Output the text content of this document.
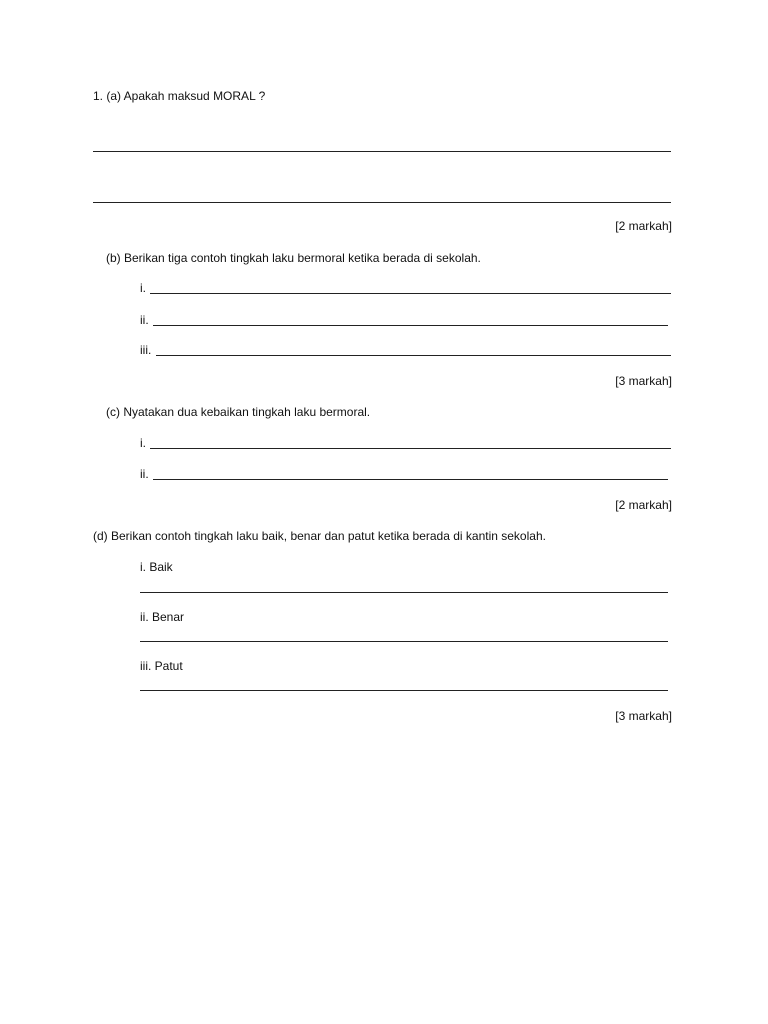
1. (a) Apakah maksud MORAL ?
[2 markah]
(b) Berikan tiga contoh tingkah laku bermoral ketika berada di sekolah.
i.
ii.
iii.
[3 markah]
(c) Nyatakan dua kebaikan tingkah laku bermoral.
i.
ii.
[2 markah]
(d) Berikan contoh tingkah laku baik, benar dan patut ketika berada di kantin sekolah.
i. Baik
ii. Benar
iii. Patut
[3 markah]
